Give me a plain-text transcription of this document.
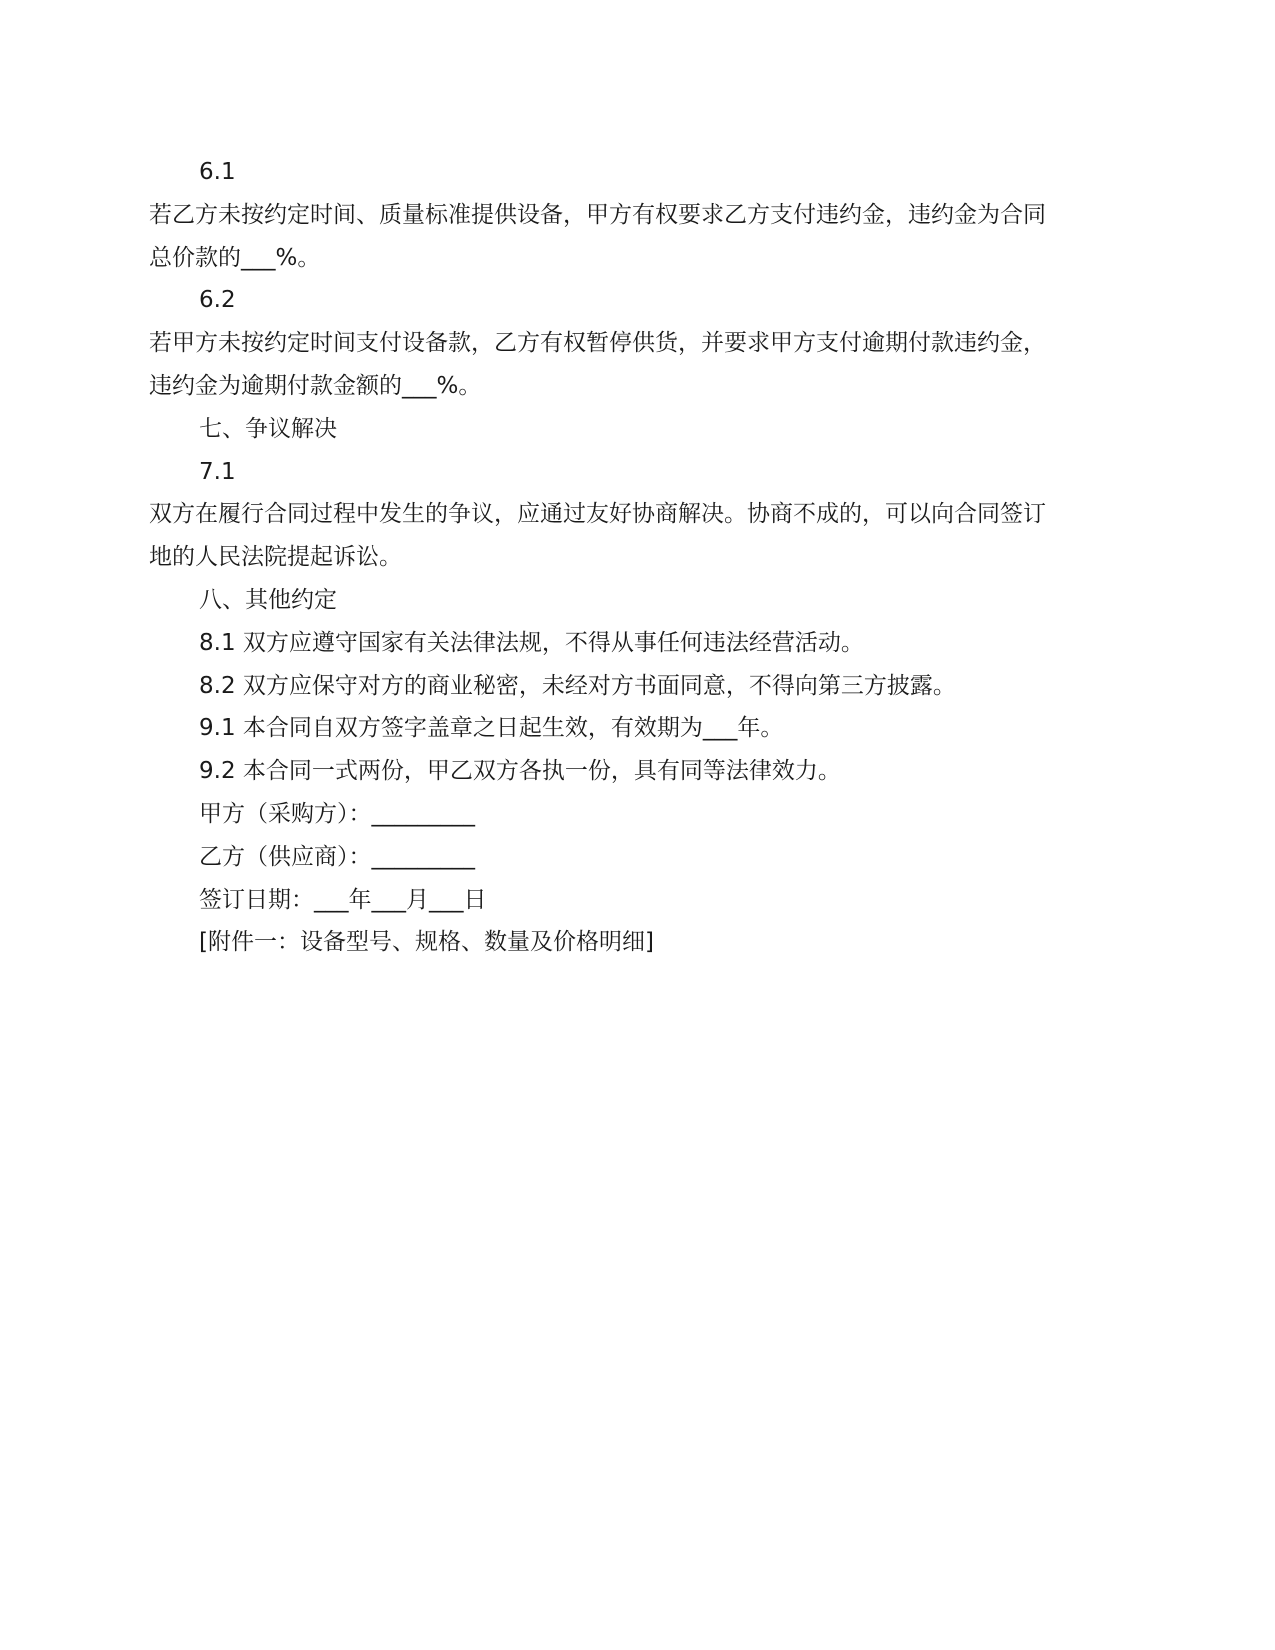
6.1

若乙方未按约定时间、质量标准提供设备，甲方有权要求乙方支付违约金，违约金为合同

总价款的___%。

6.2

若甲方未按约定时间支付设备款，乙方有权暂停供货，并要求甲方支付逾期付款违约金，

违约金为逾期付款金额的___%。

七、争议解决

7.1

双方在履行合同过程中发生的争议，应通过友好协商解决。协商不成的，可以向合同签订

地的人民法院提起诉讼。

八、其他约定

8.1 双方应遵守国家有关法律法规，不得从事任何违法经营活动。

8.2 双方应保守对方的商业秘密，未经对方书面同意，不得向第三方披露。

9.1 本合同自双方签字盖章之日起生效，有效期为___年。

9.2 本合同一式两份，甲乙双方各执一份，具有同等法律效力。

甲方（采购方）：_________

乙方（供应商）：_________

签订日期：___年___月___日

[附件一：设备型号、规格、数量及价格明细]
